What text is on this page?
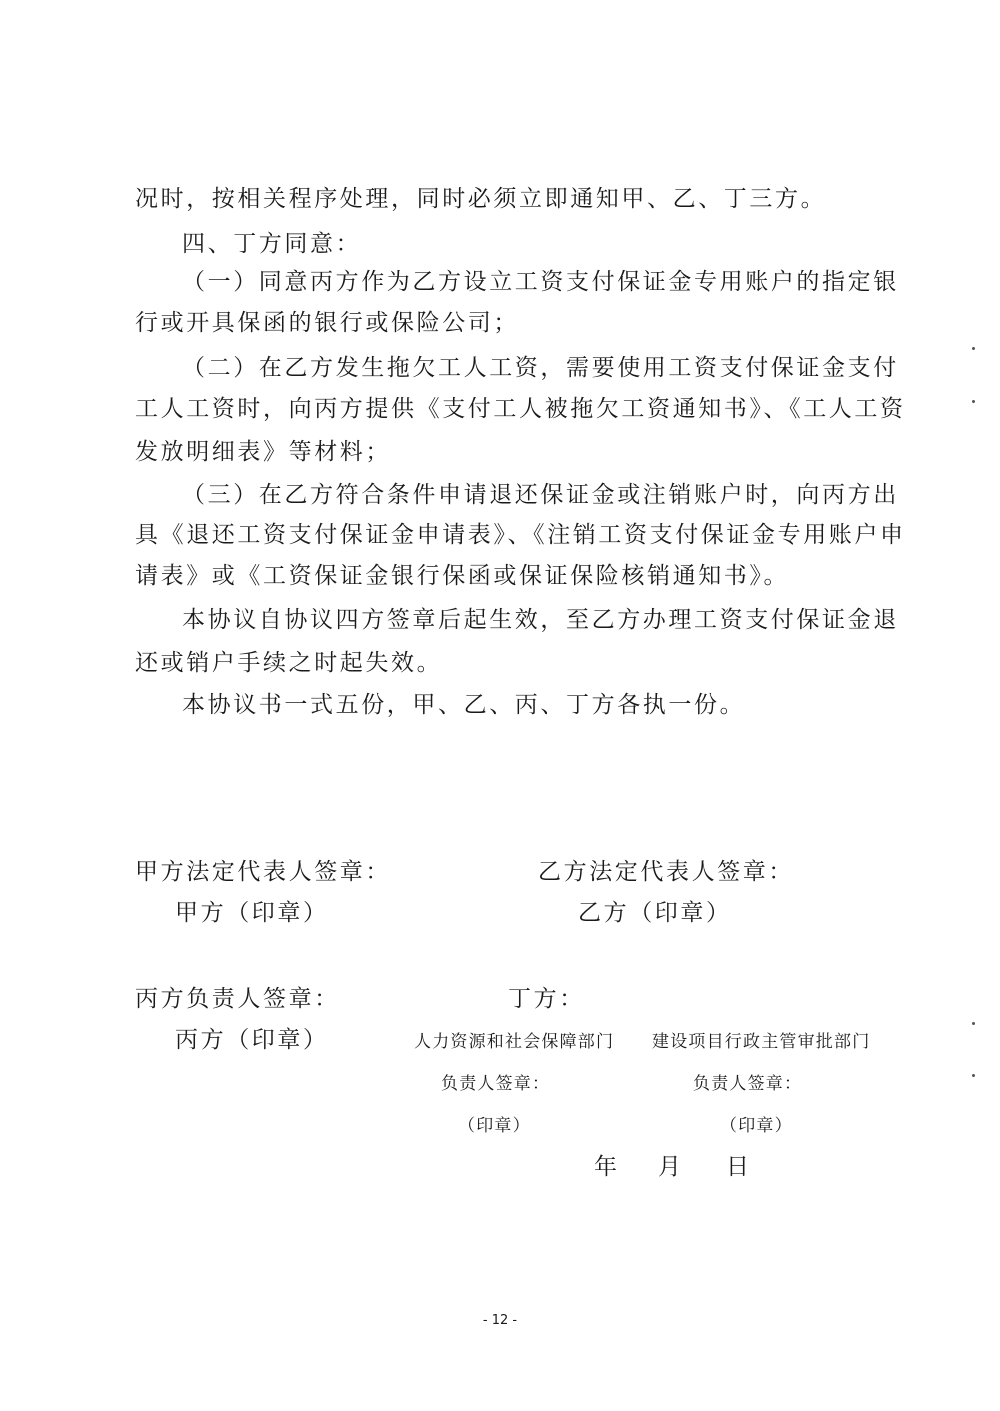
况时，按相关程序处理，同时必须立即通知甲、乙、丁三方。
四、丁方同意：
（一）同意丙方作为乙方设立工资支付保证金专用账户的指定银
行或开具保函的银行或保险公司；
（二）在乙方发生拖欠工人工资，需要使用工资支付保证金支付
工人工资时，向丙方提供《支付工人被拖欠工资通知书》、《工人工资
发放明细表》等材料；
（三）在乙方符合条件申请退还保证金或注销账户时，向丙方出
具《退还工资支付保证金申请表》、《注销工资支付保证金专用账户申
请表》或《工资保证金银行保函或保证保险核销通知书》。
本协议自协议四方签章后起生效，至乙方办理工资支付保证金退
还或销户手续之时起失效。
本协议书一式五份，甲、乙、丙、丁方各执一份。
甲方法定代表人签章：
甲方（印章）
乙方法定代表人签章：
乙方（印章）
丙方负责人签章：
丙方（印章）
丁方：
人力资源和社会保障部门 建设项目行政主管审批部门
负责人签章：	负责人签章：
（印章）	（印章）
年 月 日
- 12 -
